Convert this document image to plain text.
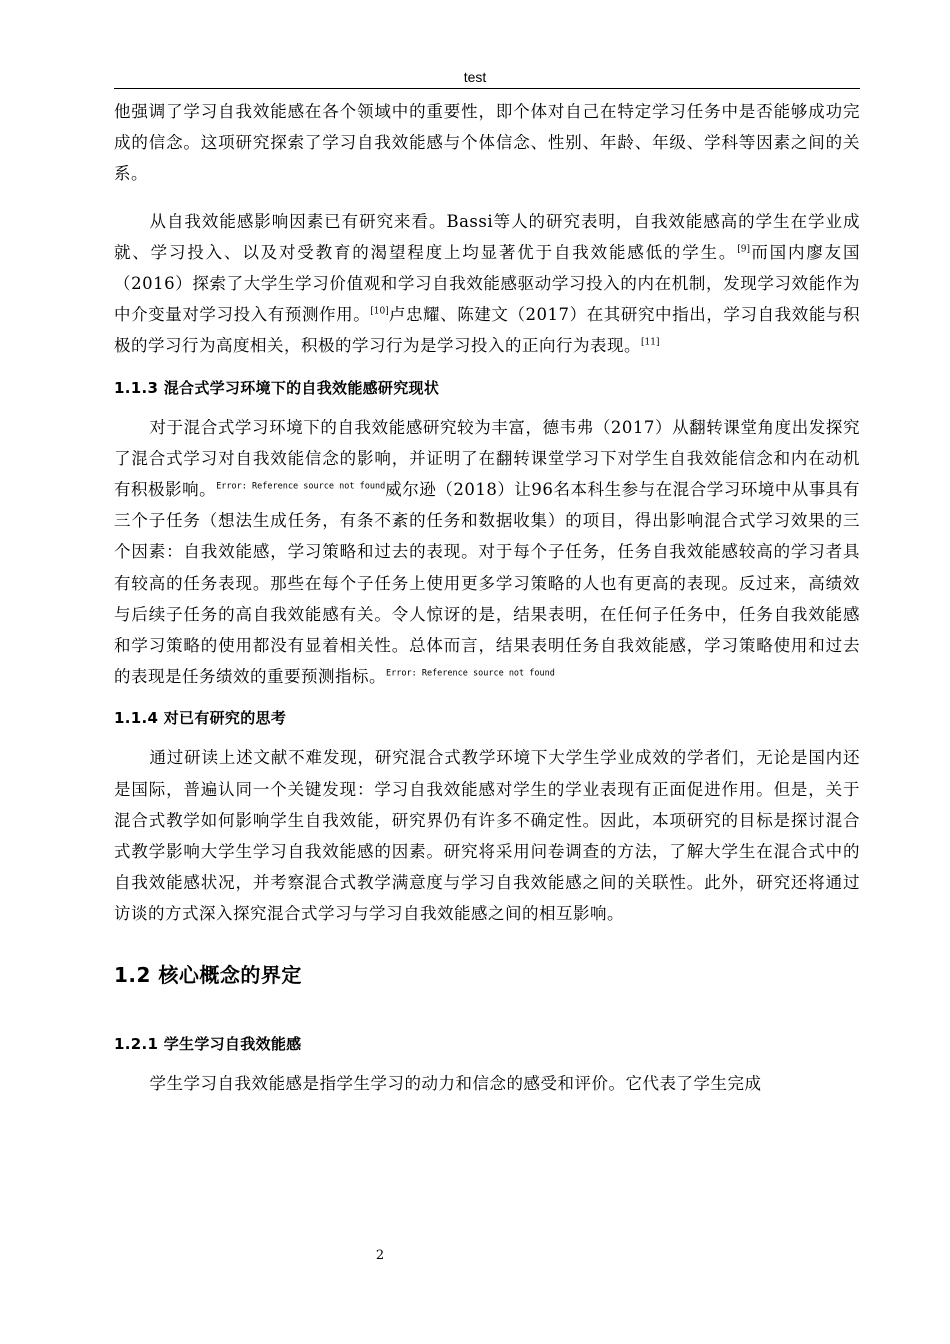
test

他强调了学习自我效能感在各个领域中的重要性，即个体对自己在特定学习任务中是否能够成功完成的信念。这项研究探索了学习自我效能感与个体信念、性别、年龄、年级、学科等因素之间的关系。

从自我效能感影响因素已有研究来看。Bassi等人的研究表明，自我效能感高的学生在学业成就、学习投入、以及对受教育的渴望程度上均显著优于自我效能感低的学生。[9]而国内廖友国（2016）探索了大学生学习价值观和学习自我效能感驱动学习投入的内在机制，发现学习效能作为中介变量对学习投入有预测作用。[10]卢忠耀、陈建文（2017）在其研究中指出，学习自我效能与积极的学习行为高度相关，积极的学习行为是学习投入的正向行为表现。[11]

1.1.3 混合式学习环境下的自我效能感研究现状

对于混合式学习环境下的自我效能感研究较为丰富，德韦弗（2017）从翻转课堂角度出发探究了混合式学习对自我效能信念的影响，并证明了在翻转课堂学习下对学生自我效能信念和内在动机有积极影响。$^{Error: Reference source not found}$威尔逊（2018）让96名本科生参与在混合学习环境中从事具有三个子任务（想法生成任务，有条不紊的任务和数据收集）的项目，得出影响混合式学习效果的三个因素：自我效能感，学习策略和过去的表现。对于每个子任务，任务自我效能感较高的学习者具有较高的任务表现。那些在每个子任务上使用更多学习策略的人也有更高的表现。反过来，高绩效与后续子任务的高自我效能感有关。令人惊讶的是，结果表明，在任何子任务中，任务自我效能感和学习策略的使用都没有显着相关性。总体而言，结果表明任务自我效能感，学习策略使用和过去的表现是任务绩效的重要预测指标。$^{Error: Reference source not found}$

1.1.4 对已有研究的思考

通过研读上述文献不难发现，研究混合式教学环境下大学生学业成效的学者们，无论是国内还是国际，普遍认同一个关键发现：学习自我效能感对学生的学业表现有正面促进作用。但是，关于混合式教学如何影响学生自我效能，研究界仍有许多不确定性。因此，本项研究的目标是探讨混合式教学影响大学生学习自我效能感的因素。研究将采用问卷调查的方法，了解大学生在混合式中的自我效能感状况，并考察混合式教学满意度与学习自我效能感之间的关联性。此外，研究还将通过访谈的方式深入探究混合式学习与学习自我效能感之间的相互影响。

1.2 核心概念的界定
1.2.1 学生学习自我效能感

学生学习自我效能感是指学生学习的动力和信念的感受和评价。它代表了学生完成

2
